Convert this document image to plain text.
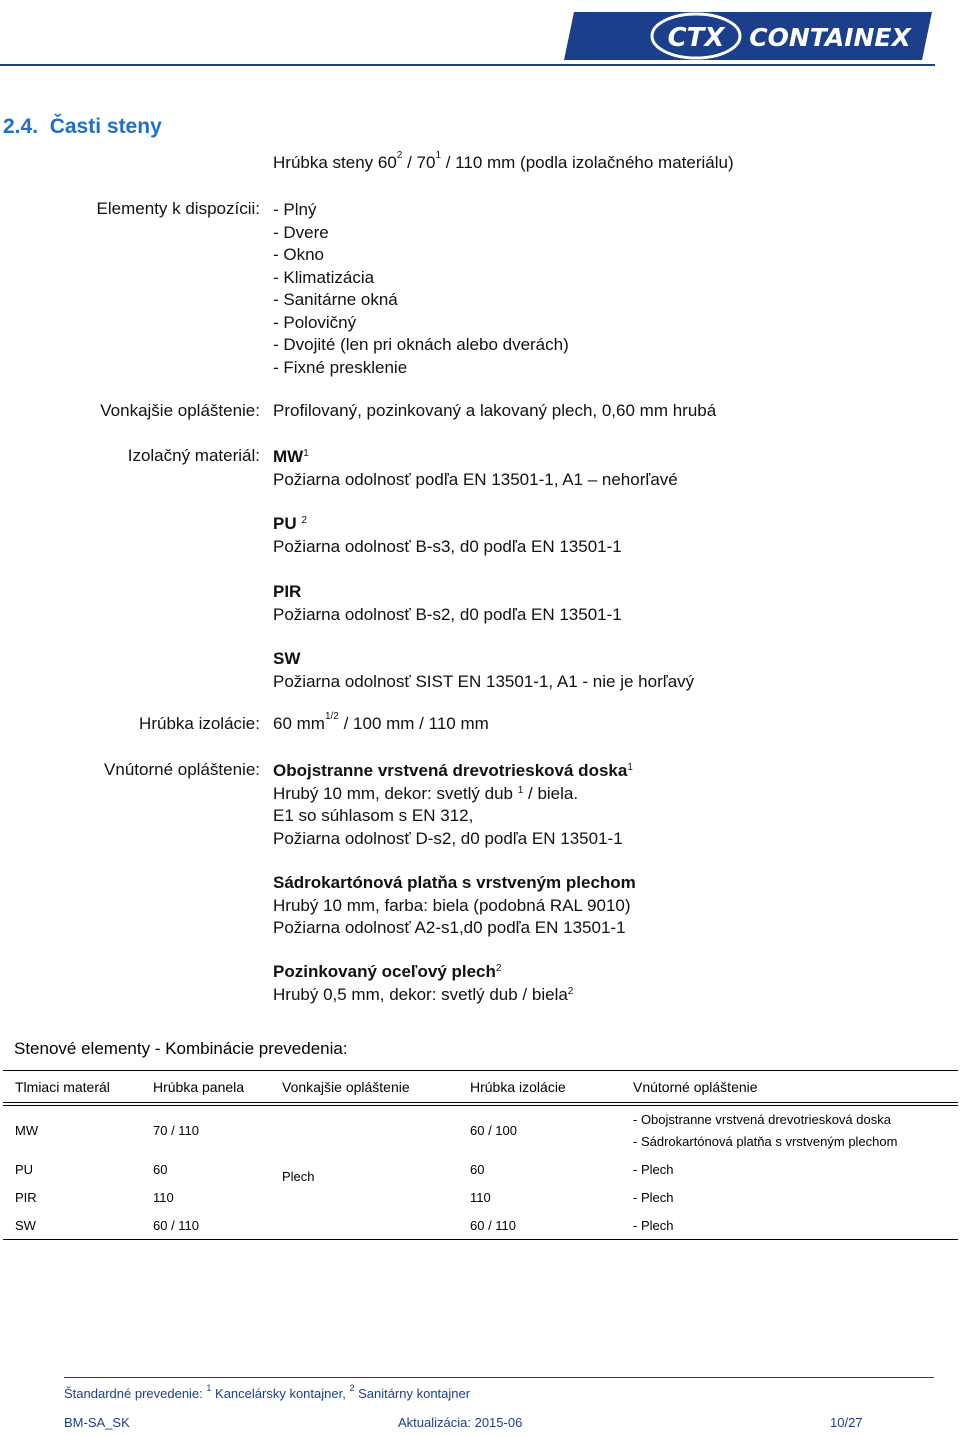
CTX CONTAINEX
2.4. Časti steny
Hrúbka steny $60^2 / 70^1 / 110$ mm (podla izolačného materiálu)
Elementy k dispozícii: - Plný
- Dvere
- Okno
- Klimatizácia
- Sanitárne okná
- Polovičný
- Dvojité (len pri oknách alebo dverách)
- Fixné presklenie
Vonkajšie opláštenie: Profilovaný, pozinkovaný a lakovaný plech, 0,60 mm hrubá
Izolačný materiál: $MW^1$
Požiarna odolnosť podľa EN 13501-1, A1 – nehorľavé
PU $^2$
Požiarna odolnosť B-s3, d0 podľa EN 13501-1
PIR
Požiarna odolnosť B-s2, d0 podľa EN 13501-1
SW
Požiarna odolnosť SIST EN 13501-1, A1 - nie je horľavý
Hrúbka izolácie: 60 $mm^{1/2} / 100$ mm / 110 mm
Vnútorné opláštenie: Obojstranne vrstvená drevotriesková doska$^1$
Hrubý 10 mm, dekor: svetlý dub $^1$ / biela.
E1 so súhlasom s EN 312,
Požiarna odolnosť D-s2, d0 podľa EN 13501-1
Sádrokartónová platňa s vrstveným plechom
Hrubý 10 mm, farba: biela (podobná RAL 9010)
Požiarna odolnosť A2-s1,d0 podľa EN 13501-1
Pozinkovaný oceľový plech$^2$
Hrubý 0,5 mm, dekor: svetlý dub / biela$^2$
Stenové elementy - Kombinácie prevedenia:
Tlmiaci materál	Hrúbka panela	Vonkajšie opláštenie	Hrúbka izolácie	Vnútorné opláštenie

MW	70 / 110	Plech	60 / 100	- Obojstranne vrstvená drevotriesková doska
- Sádrokartónová platňa s vrstveným plechom

PU	60		60	- Plech
PIR	110		110	- Plech
SW	60 / 110		60 / 110	- Plech
Štandardné prevedenie: $^1$ Kancelársky kontajner, $^2$ Sanitárny kontajner
BM-SA_SK	Aktualizácia: 2015-06	10/27
